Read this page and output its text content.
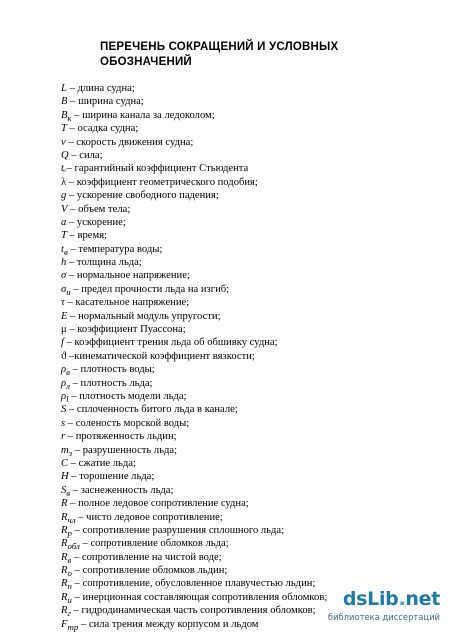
ПЕРЕЧЕНЬ СОКРАЩЕНИЙ И УСЛОВНЫХ
ОБОЗНАЧЕНИЙ
L – длина судна;
B – ширина судна;
$B_к$ – ширина канала за ледоколом;
T – осадка судна;
v – скорость движения судна;
Q – сила;
t – гарантийный коэффициент Стьюдента
λ – коэффициент геометрического подобия;
g – ускорение свободного падения;
V – объем тела;
a – ускорение;
T – время;
$t_в$ – температура воды;
h – толщина льда;
σ – нормальное напряжение;
$\sigma_и$ – предел прочности льда на изгиб;
τ – касательное напряжение;
E – нормальный модуль упругости;
μ – коэффициент Пуассона;
f – коэффициент трения льда об обшивку судна;
ϑ –кинематической коэффициент вязкости;
$\rho_в$ – плотность воды;
$\rho_л$ – плотность льда;
$\rho_l$ – плотность модели льда;
S – сплоченность битого льда в канале;
s – соленость морской воды;
r – протяженность льдин;
$m_з$ – разрушенность льда;
C – сжатие льда;
H – торошение льда;
$S_в$ – заснеженность льда;
R – полное ледовое сопротивление судна;
$R_{чл}$ – чисто ледовое сопротивление;
$R_р$ – сопротивление разрушения сплошного льда;
$R_{обл}$ – сопротивление обломков льда;
$R_в$ – сопротивление на чистой воде;
$R_о$ – сопротивление обломков льдин;
$R_п$ – сопротивление, обусловленное плавучестью льдин;
$R_и$ – инерционная составляющая сопротивления обломков;
$R_г$ – гидродинамическая часть сопротивления обломков;
$F_{тр}$ – сила трения между корпусом и льдом
dsLib.net
библиотека диссертаций
